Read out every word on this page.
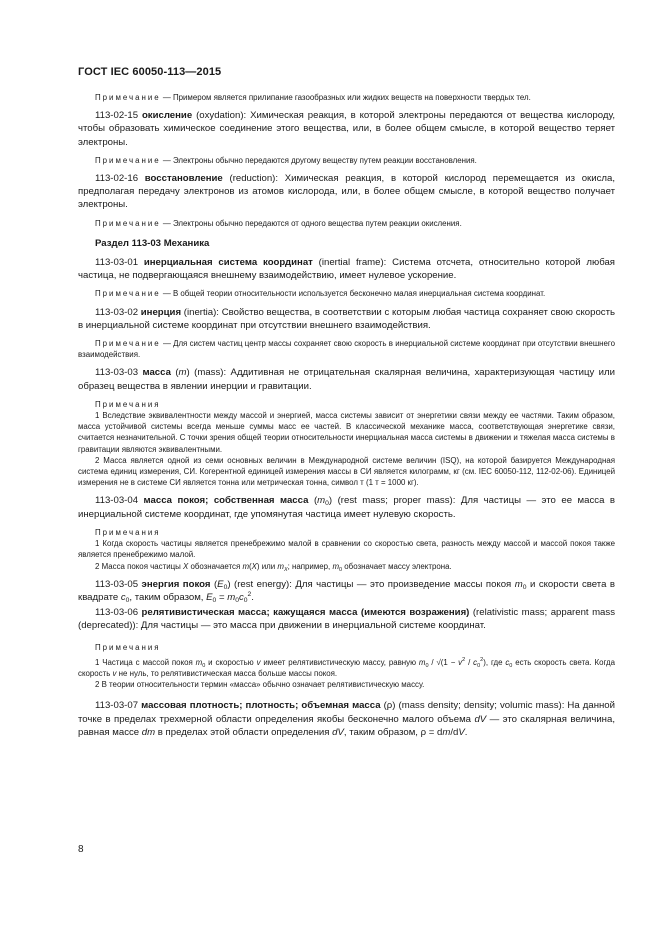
ГОСТ IEC 60050-113—2015

Примечание — Примером является прилипание газообразных или жидких веществ на поверхности твердых тел.

113-02-15 окисление (oxydation): Химическая реакция, в которой электроны передаются от вещества кислороду, чтобы образовать химическое соединение этого вещества, или, в более общем смысле, в которой вещество теряет электроны.

Примечание — Электроны обычно передаются другому веществу путем реакции восстановления.

113-02-16 восстановление (reduction): Химическая реакция, в которой кислород перемещается из окисла, предполагая передачу электронов из атомов кислорода, или, в более общем смысле, в которой вещество получает электроны.

Примечание — Электроны обычно передаются от одного вещества путем реакции окисления.

Раздел 113-03 Механика

113-03-01 инерциальная система координат (inertial frame): Система отсчета, относительно которой любая частица, не подвергающаяся внешнему взаимодействию, имеет нулевое ускорение.

Примечание — В общей теории относительности используется бесконечно малая инерциальная система координат.

113-03-02 инерция (inertia): Свойство вещества, в соответствии с которым любая частица сохраняет свою скорость в инерциальной системе координат при отсутствии внешнего взаимодействия.

Примечание — Для систем частиц центр массы сохраняет свою скорость в инерциальной системе координат при отсутствии внешнего взаимодействия.

113-03-03 масса (m) (mass): Аддитивная не отрицательная скалярная величина, характеризующая частицу или образец вещества в явлении инерции и гравитации.

Примечания

1 Вследствие эквивалентности между массой и энергией, масса системы зависит от энергетики связи между ее частями. Таким образом, масса устойчивой системы всегда меньше суммы масс ее частей. В классической механике масса, соответствующая энергетике связи, считается незначительной. С точки зрения общей теории относительности инерциальная масса системы в движении и тяжелая масса системы в гравитации являются эквивалентными.

2 Масса является одной из семи основных величин в Международной системе величин (ISQ), на которой базируется Международная система единиц измерения, СИ. Когерентной единицей измерения массы в СИ является килограмм, кг (см. IEC 60050-112, 112-02-06). Единицей измерения не в системе СИ является тонна или метрическая тонна, символ т (1 т = 1000 кг).

113-03-04 масса покоя; собственная масса $(m_0)$ (rest mass; proper mass): Для частицы — это ее масса в инерциальной системе координат, где упомянутая частица имеет нулевую скорость.

Примечания

1 Когда скорость частицы является пренебрежимо малой в сравнении со скоростью света, разность между массой и массой покоя также является пренебрежимо малой.

2 Масса покоя частицы X обозначается m(X) или $m_X$; например, $m_0$ обозначает массу электрона.

113-03-05 энергия покоя $(E_0)$ (rest energy): Для частицы — это произведение массы покоя $m_0$ и скорости света в квадрате $c_0$, таким образом, $E_0 = m_0c_0^2$.

113-03-06 релятивистическая масса; кажущаяся масса (имеются возражения) (relativistic mass; apparent mass (deprecated)): Для частицы — это масса при движении в инерциальной системе координат.

Примечания

1 Частица с массой покоя $m_0$ и скоростью v имеет релятивистическую массу, равную $m_0 / √(1 - v^2 / c_0^2)$, где $c_0$ есть скорость света. Когда скорость v не нуль, то релятивистическая масса больше массы покоя.

2 В теории относительности термин «масса» обычно означает релятивистическую массу.

113-03-07 массовая плотность; плотность; объемная масса (ρ) (mass density; density; volumic mass): На данной точке в пределах трехмерной области определения якобы бесконечно малого объема dV — это скалярная величина, равная массе dm в пределах этой области определения dV, таким образом, ρ = dm/dV.

8
